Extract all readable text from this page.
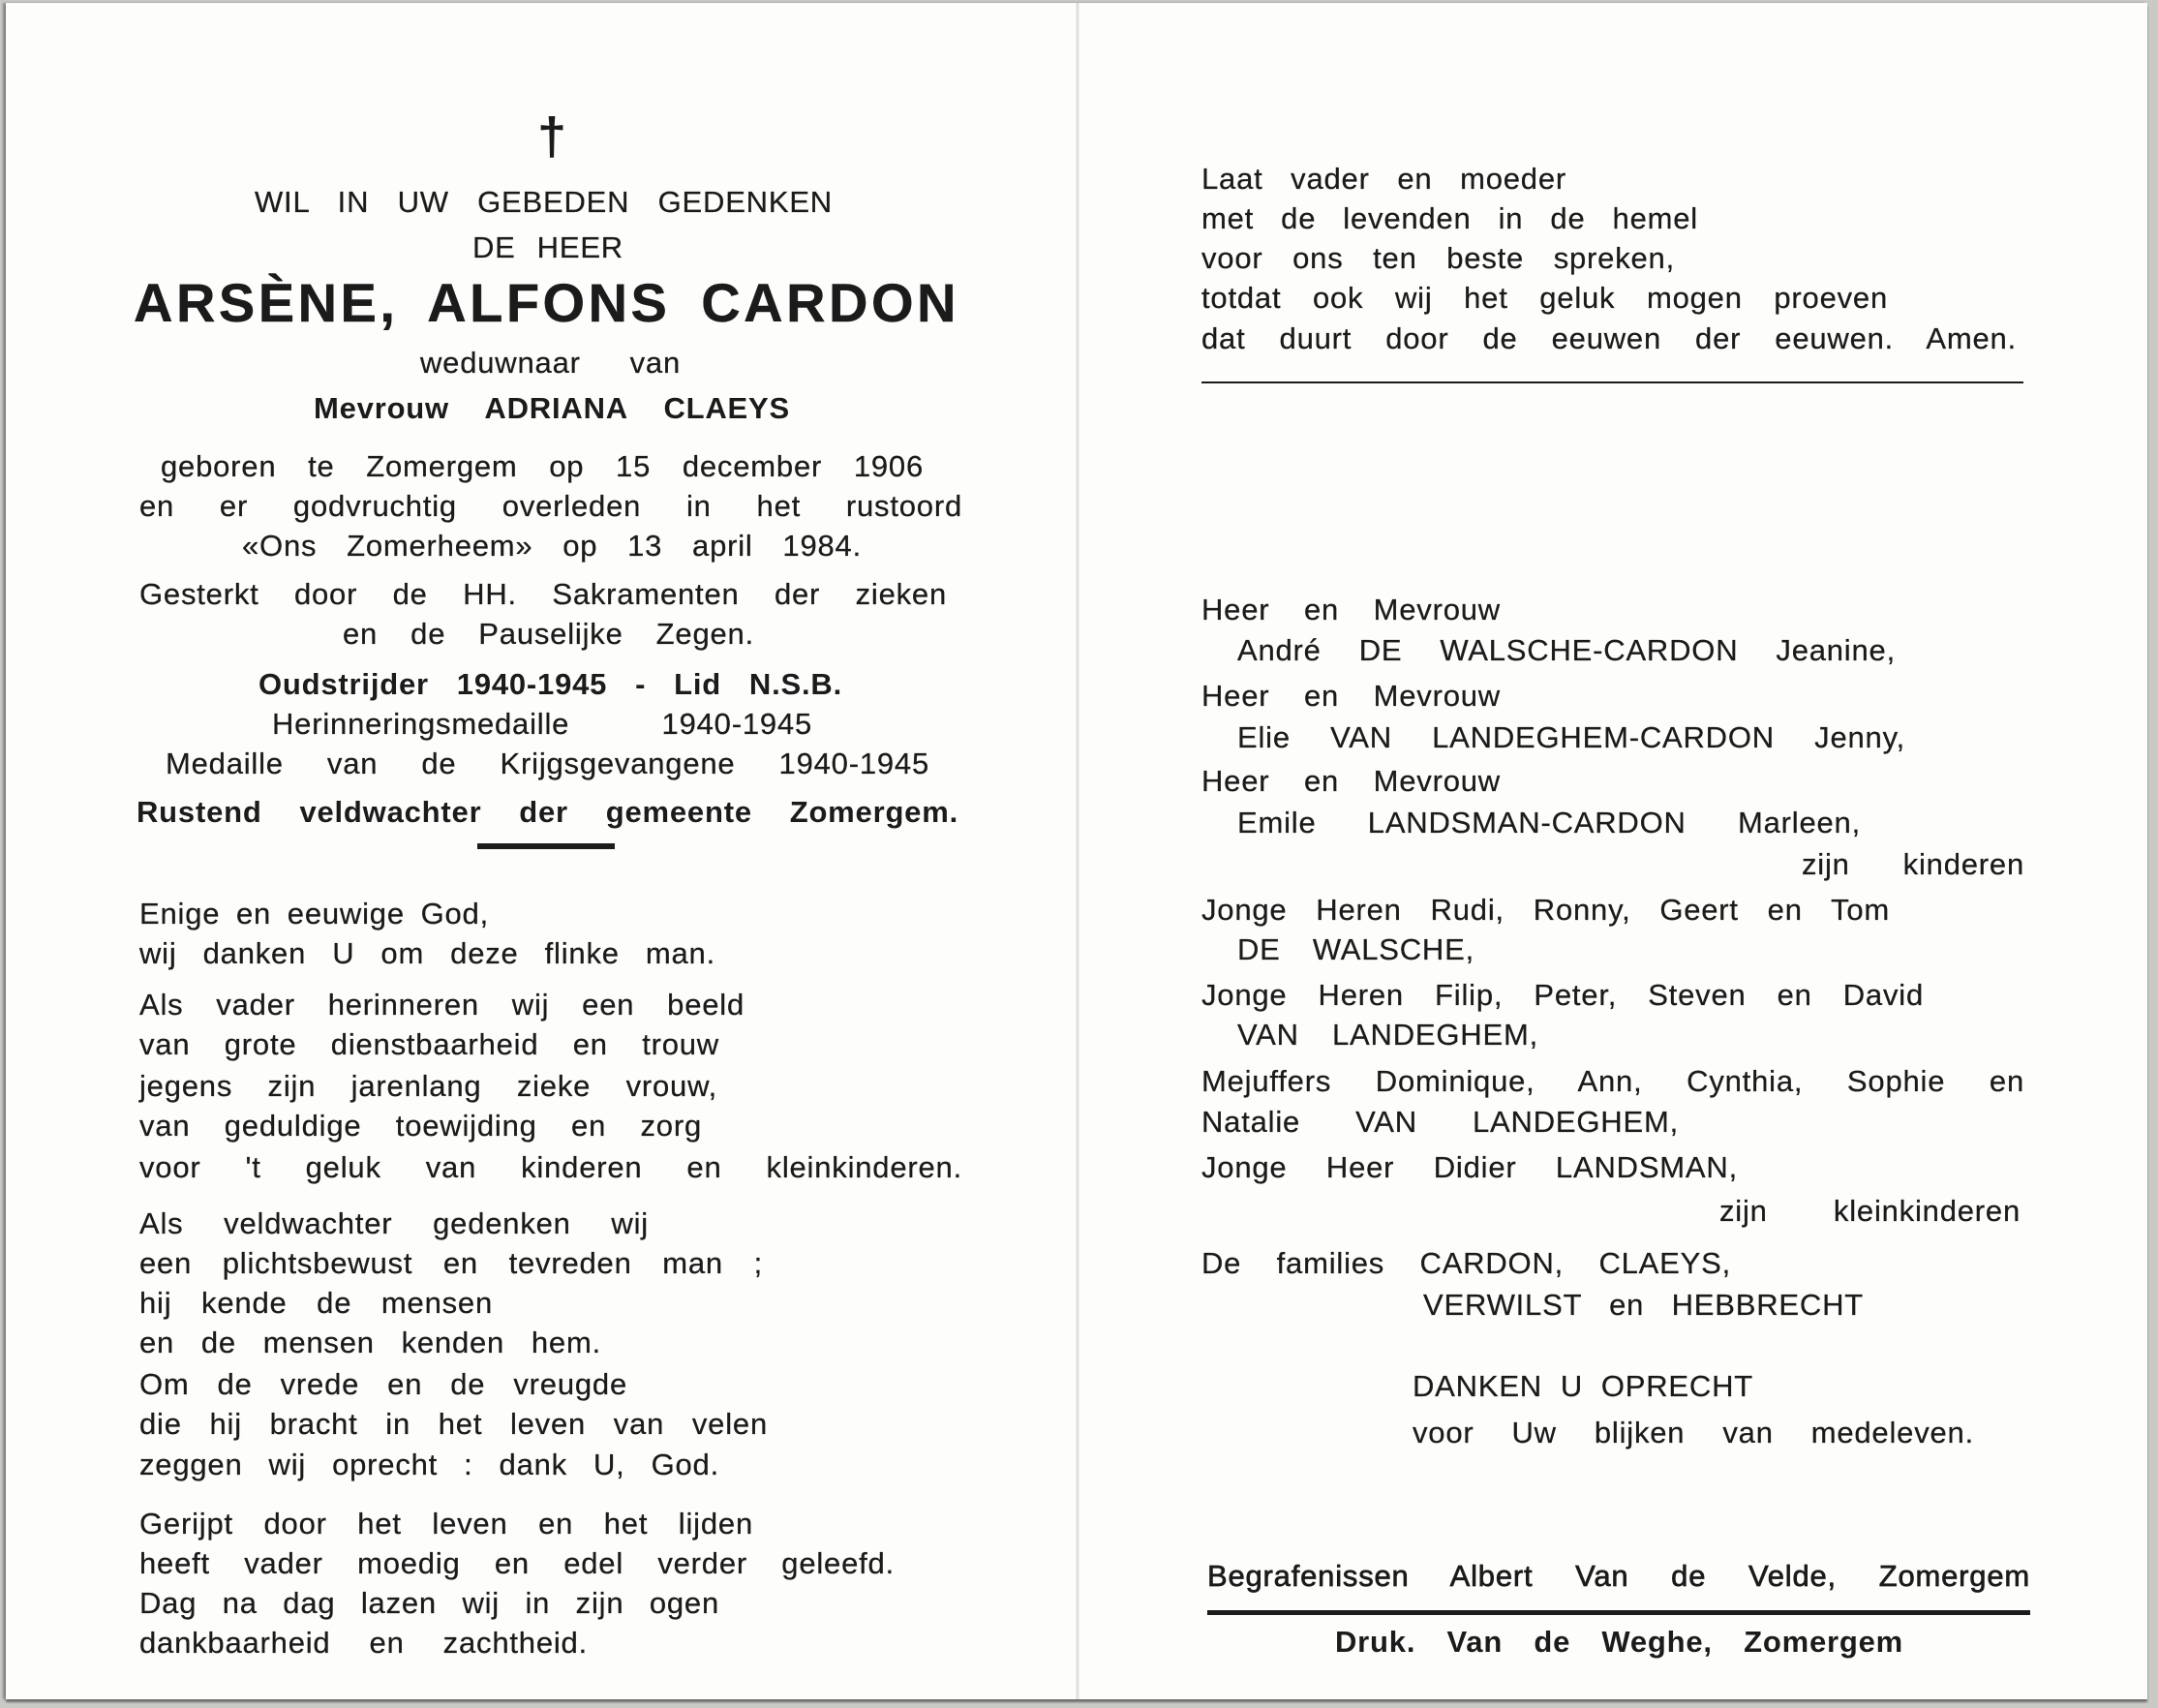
†
WIL IN UW GEBEDEN GEDENKEN
DE HEER
ARSÈNE, ALFONS CARDON
weduwnaar van
Mevrouw ADRIANA CLAEYS
geboren te Zomergem op 15 december 1906
en er godvruchtig overleden in het rustoord
«Ons Zomerheem» op 13 april 1984.
Gesterkt door de HH. Sakramenten der zieken
en de Pauselijke Zegen.
Oudstrijder 1940-1945 - Lid N.S.B.
Herinneringsmedaille 1940-1945
Medaille van de Krijgsgevangene 1940-1945
Rustend veldwachter der gemeente Zomergem.
Enige en eeuwige God,
wij danken U om deze flinke man.
Als vader herinneren wij een beeld
van grote dienstbaarheid en trouw
jegens zijn jarenlang zieke vrouw,
van geduldige toewijding en zorg
voor 't geluk van kinderen en kleinkinderen.
Als veldwachter gedenken wij
een plichtsbewust en tevreden man ;
hij kende de mensen
en de mensen kenden hem.
Om de vrede en de vreugde
die hij bracht in het leven van velen
zeggen wij oprecht : dank U, God.
Gerijpt door het leven en het lijden
heeft vader moedig en edel verder geleefd.
Dag na dag lazen wij in zijn ogen
dankbaarheid en zachtheid.
Laat vader en moeder
met de levenden in de hemel
voor ons ten beste spreken,
totdat ook wij het geluk mogen proeven
dat duurt door de eeuwen der eeuwen. Amen.
Heer en Mevrouw
André DE WALSCHE-CARDON Jeanine,
Heer en Mevrouw
Elie VAN LANDEGHEM-CARDON Jenny,
Heer en Mevrouw
Emile LANDSMAN-CARDON Marleen,
zijn kinderen
Jonge Heren Rudi, Ronny, Geert en Tom
DE WALSCHE,
Jonge Heren Filip, Peter, Steven en David
VAN LANDEGHEM,
Mejuffers Dominique, Ann, Cynthia, Sophie en
Natalie VAN LANDEGHEM,
Jonge Heer Didier LANDSMAN,
zijn kleinkinderen
De families CARDON, CLAEYS,
VERWILST en HEBBRECHT
DANKEN U OPRECHT
voor Uw blijken van medeleven.
Begrafenissen Albert Van de Velde, Zomergem
Druk. Van de Weghe, Zomergem
